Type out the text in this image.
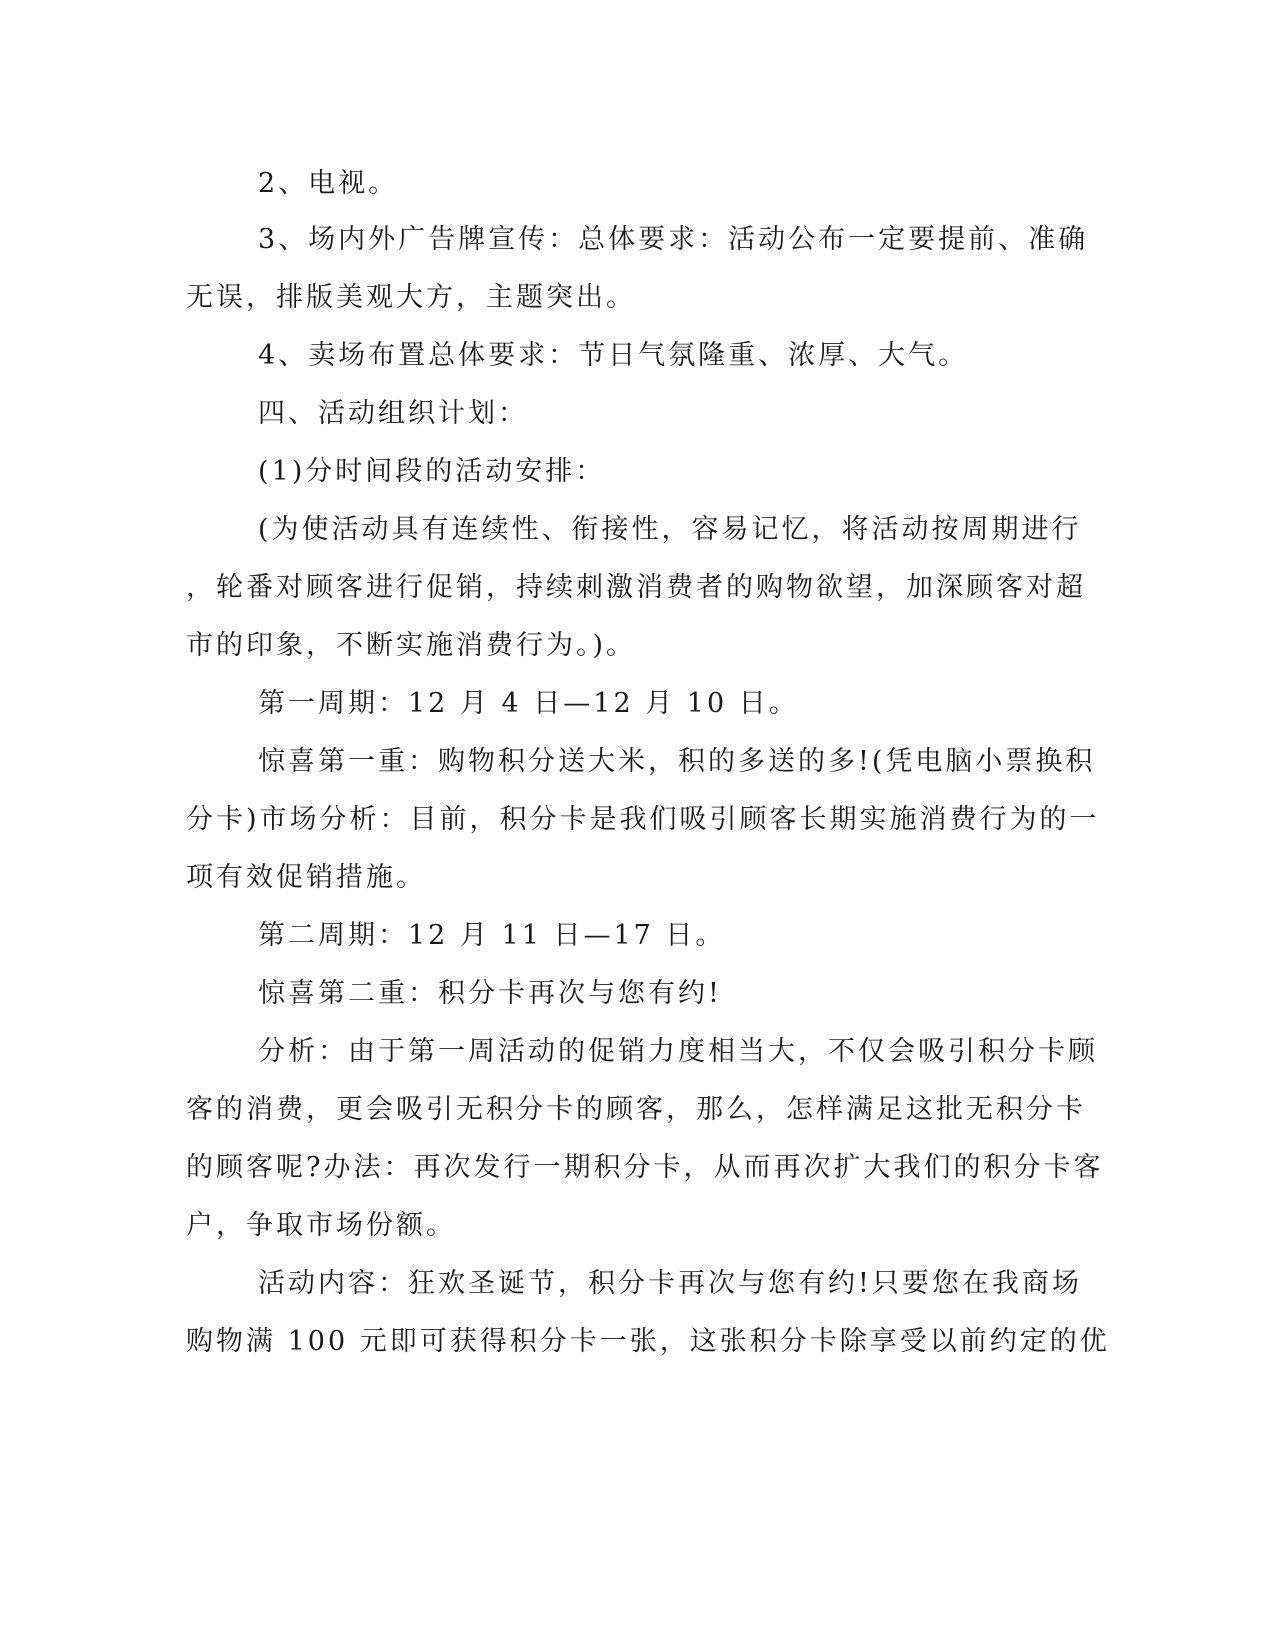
2、电视。
3、场内外广告牌宣传：总体要求：活动公布一定要提前、准确
无误，排版美观大方，主题突出。
4、卖场布置总体要求：节日气氛隆重、浓厚、大气。
四、活动组织计划：
(1)分时间段的活动安排：
(为使活动具有连续性、衔接性，容易记忆，将活动按周期进行
，轮番对顾客进行促销，持续刺激消费者的购物欲望，加深顾客对超
市的印象，不断实施消费行为。)。
第一周期：12 月 4 日—12 月 10 日。
惊喜第一重：购物积分送大米，积的多送的多!(凭电脑小票换积
分卡)市场分析：目前，积分卡是我们吸引顾客长期实施消费行为的一
项有效促销措施。
第二周期：12 月 11 日—17 日。
惊喜第二重：积分卡再次与您有约!
分析：由于第一周活动的促销力度相当大，不仅会吸引积分卡顾
客的消费，更会吸引无积分卡的顾客，那么，怎样满足这批无积分卡
的顾客呢?办法：再次发行一期积分卡，从而再次扩大我们的积分卡客
户，争取市场份额。
活动内容：狂欢圣诞节，积分卡再次与您有约!只要您在我商场
购物满 100 元即可获得积分卡一张，这张积分卡除享受以前约定的优
